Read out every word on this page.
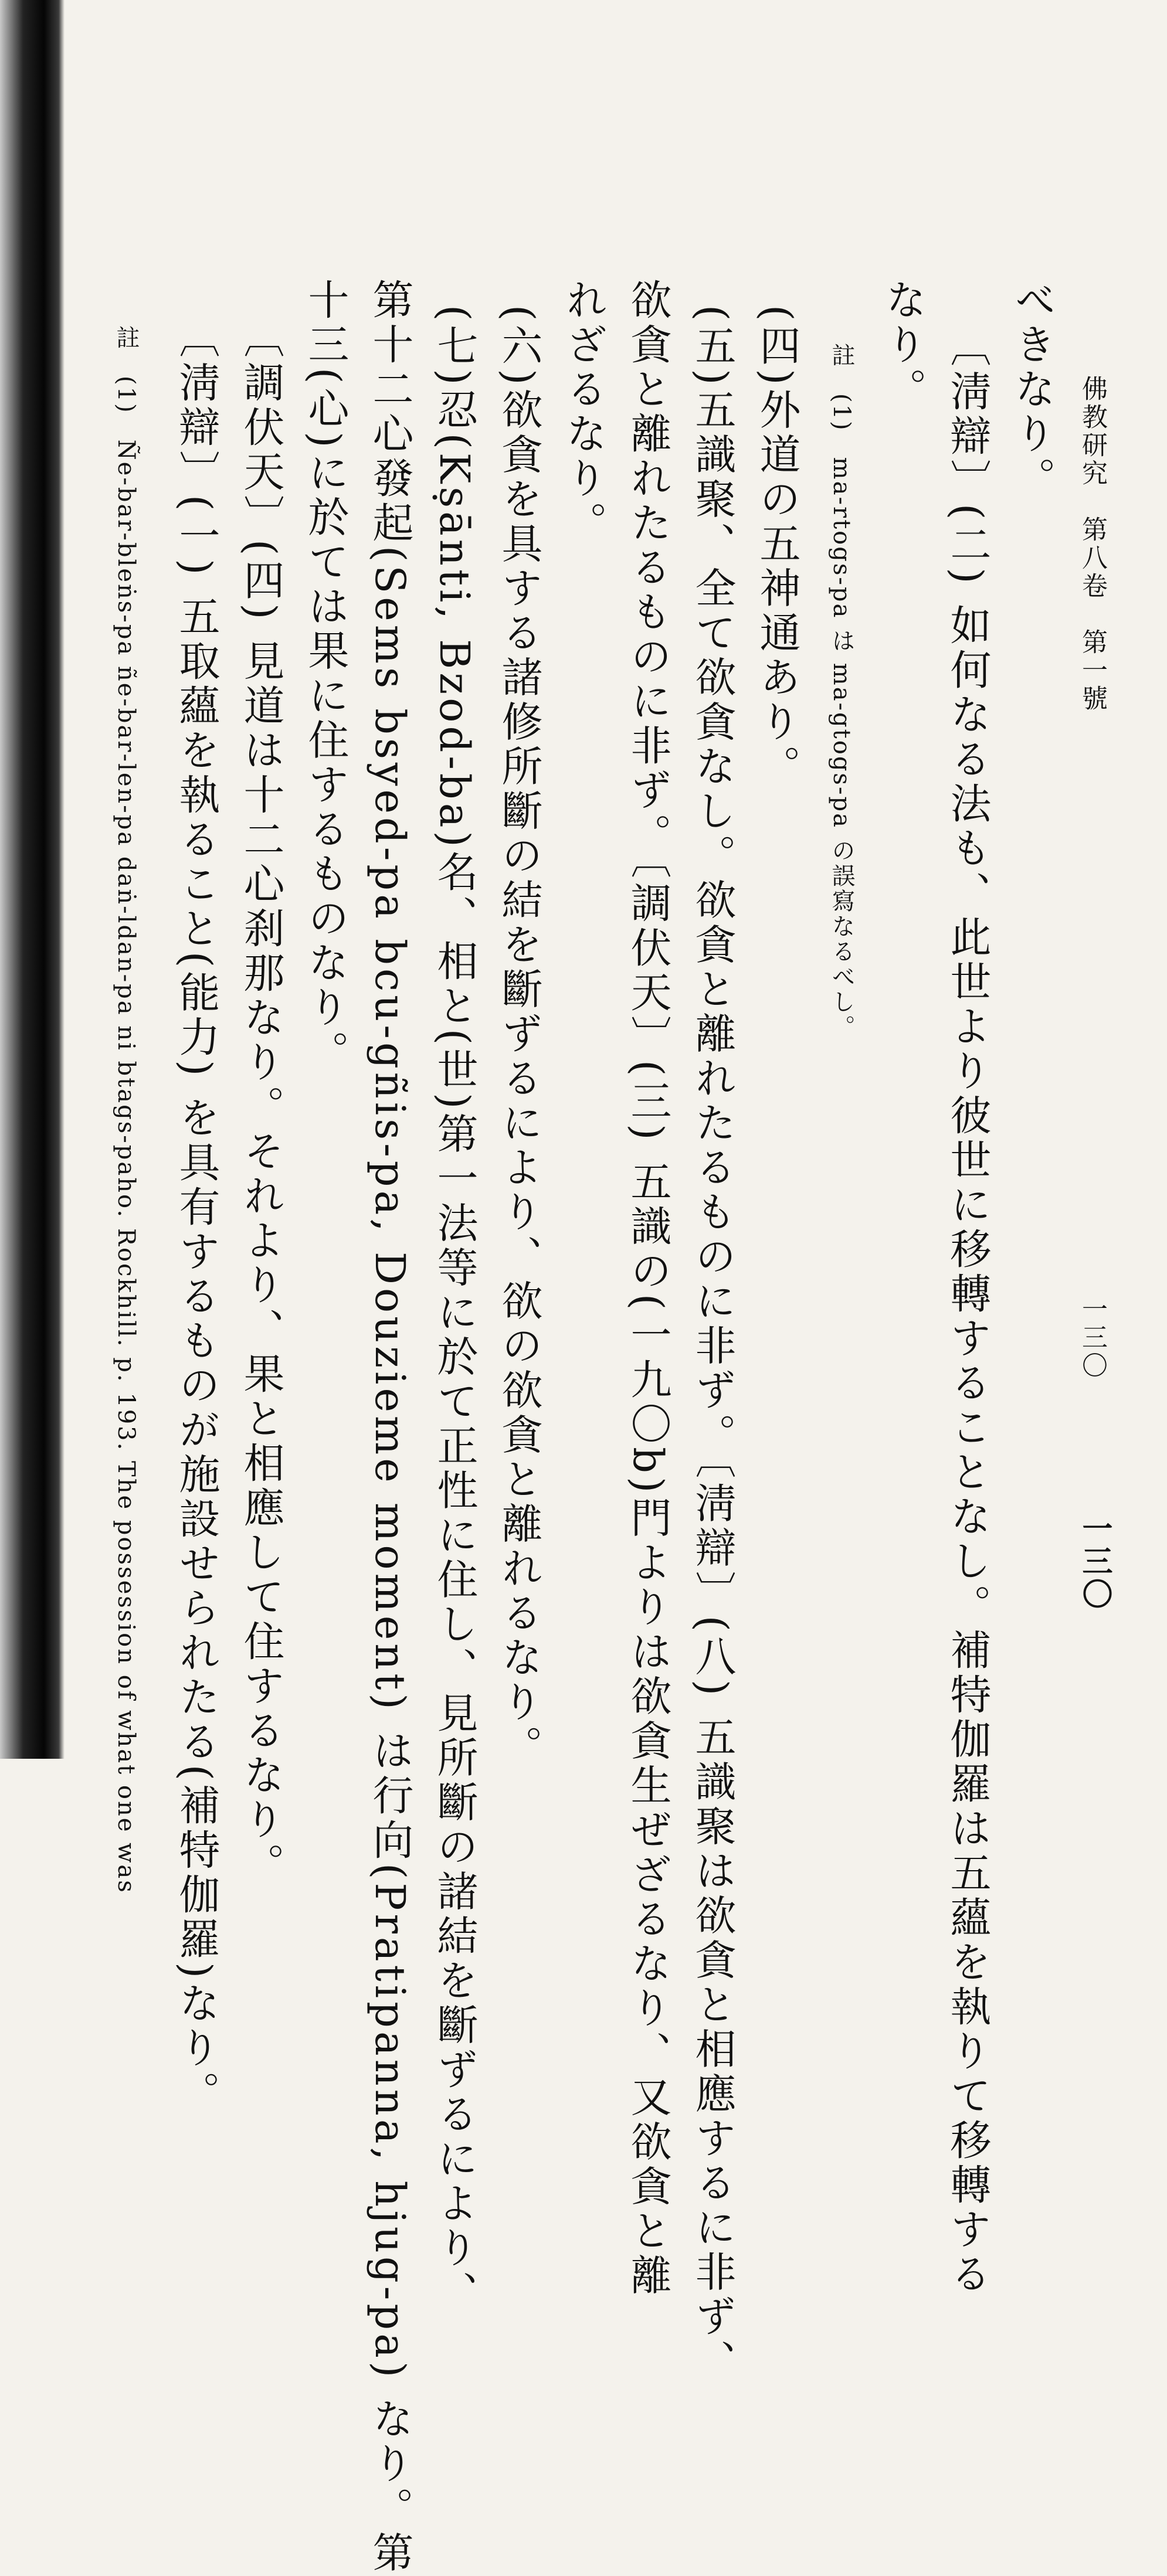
佛教研究　第八卷　第一號
一三〇
一三〇
べきなり。
〔淸辯〕(二) 如何なる法も、此世より彼世に移轉することなし。補特伽羅は五蘊を執りて移轉する
なり。
註　(1)　ma-rtogs-pa は ma-gtogs-pa の誤寫なるべし。
(四)外道の五神通あり。
(五)五識聚、全て欲貪なし。欲貪と離れたるものに非ず。〔淸辯〕(八) 五識聚は欲貪と相應するに非ず、
欲貪と離れたるものに非ず。〔調伏天〕(三) 五識の(一九〇b)門よりは欲貪生ぜざるなり、又欲貪と離
れざるなり。
(六)欲貪を具する諸修所斷の結を斷ずるにより、欲の欲貪と離れるなり。
(七)忍(Kṣānti, Bzod-ba)名、相と(世)第一法等に於て正性に住し、見所斷の諸結を斷ずるにより、
第十二心發起(Sems bsyed-pa bcu-gñis-pa, Douzieme moment) は行向(Pratipanna, hjug-pa) なり。第
十三(心)に於ては果に住するものなり。
〔調伏天〕(四) 見道は十二心刹那なり。それより、果と相應して住するなり。
〔淸辯〕(一) 五取蘊を執ること(能力) を具有するものが施設せられたる(補特伽羅)なり。
註　(1)　Ñe-bar-bleṅs-pa ñe-bar-len-pa daṅ-ldan-pa ni btags-paho. Rockhill. p. 193. The possession of what one was
